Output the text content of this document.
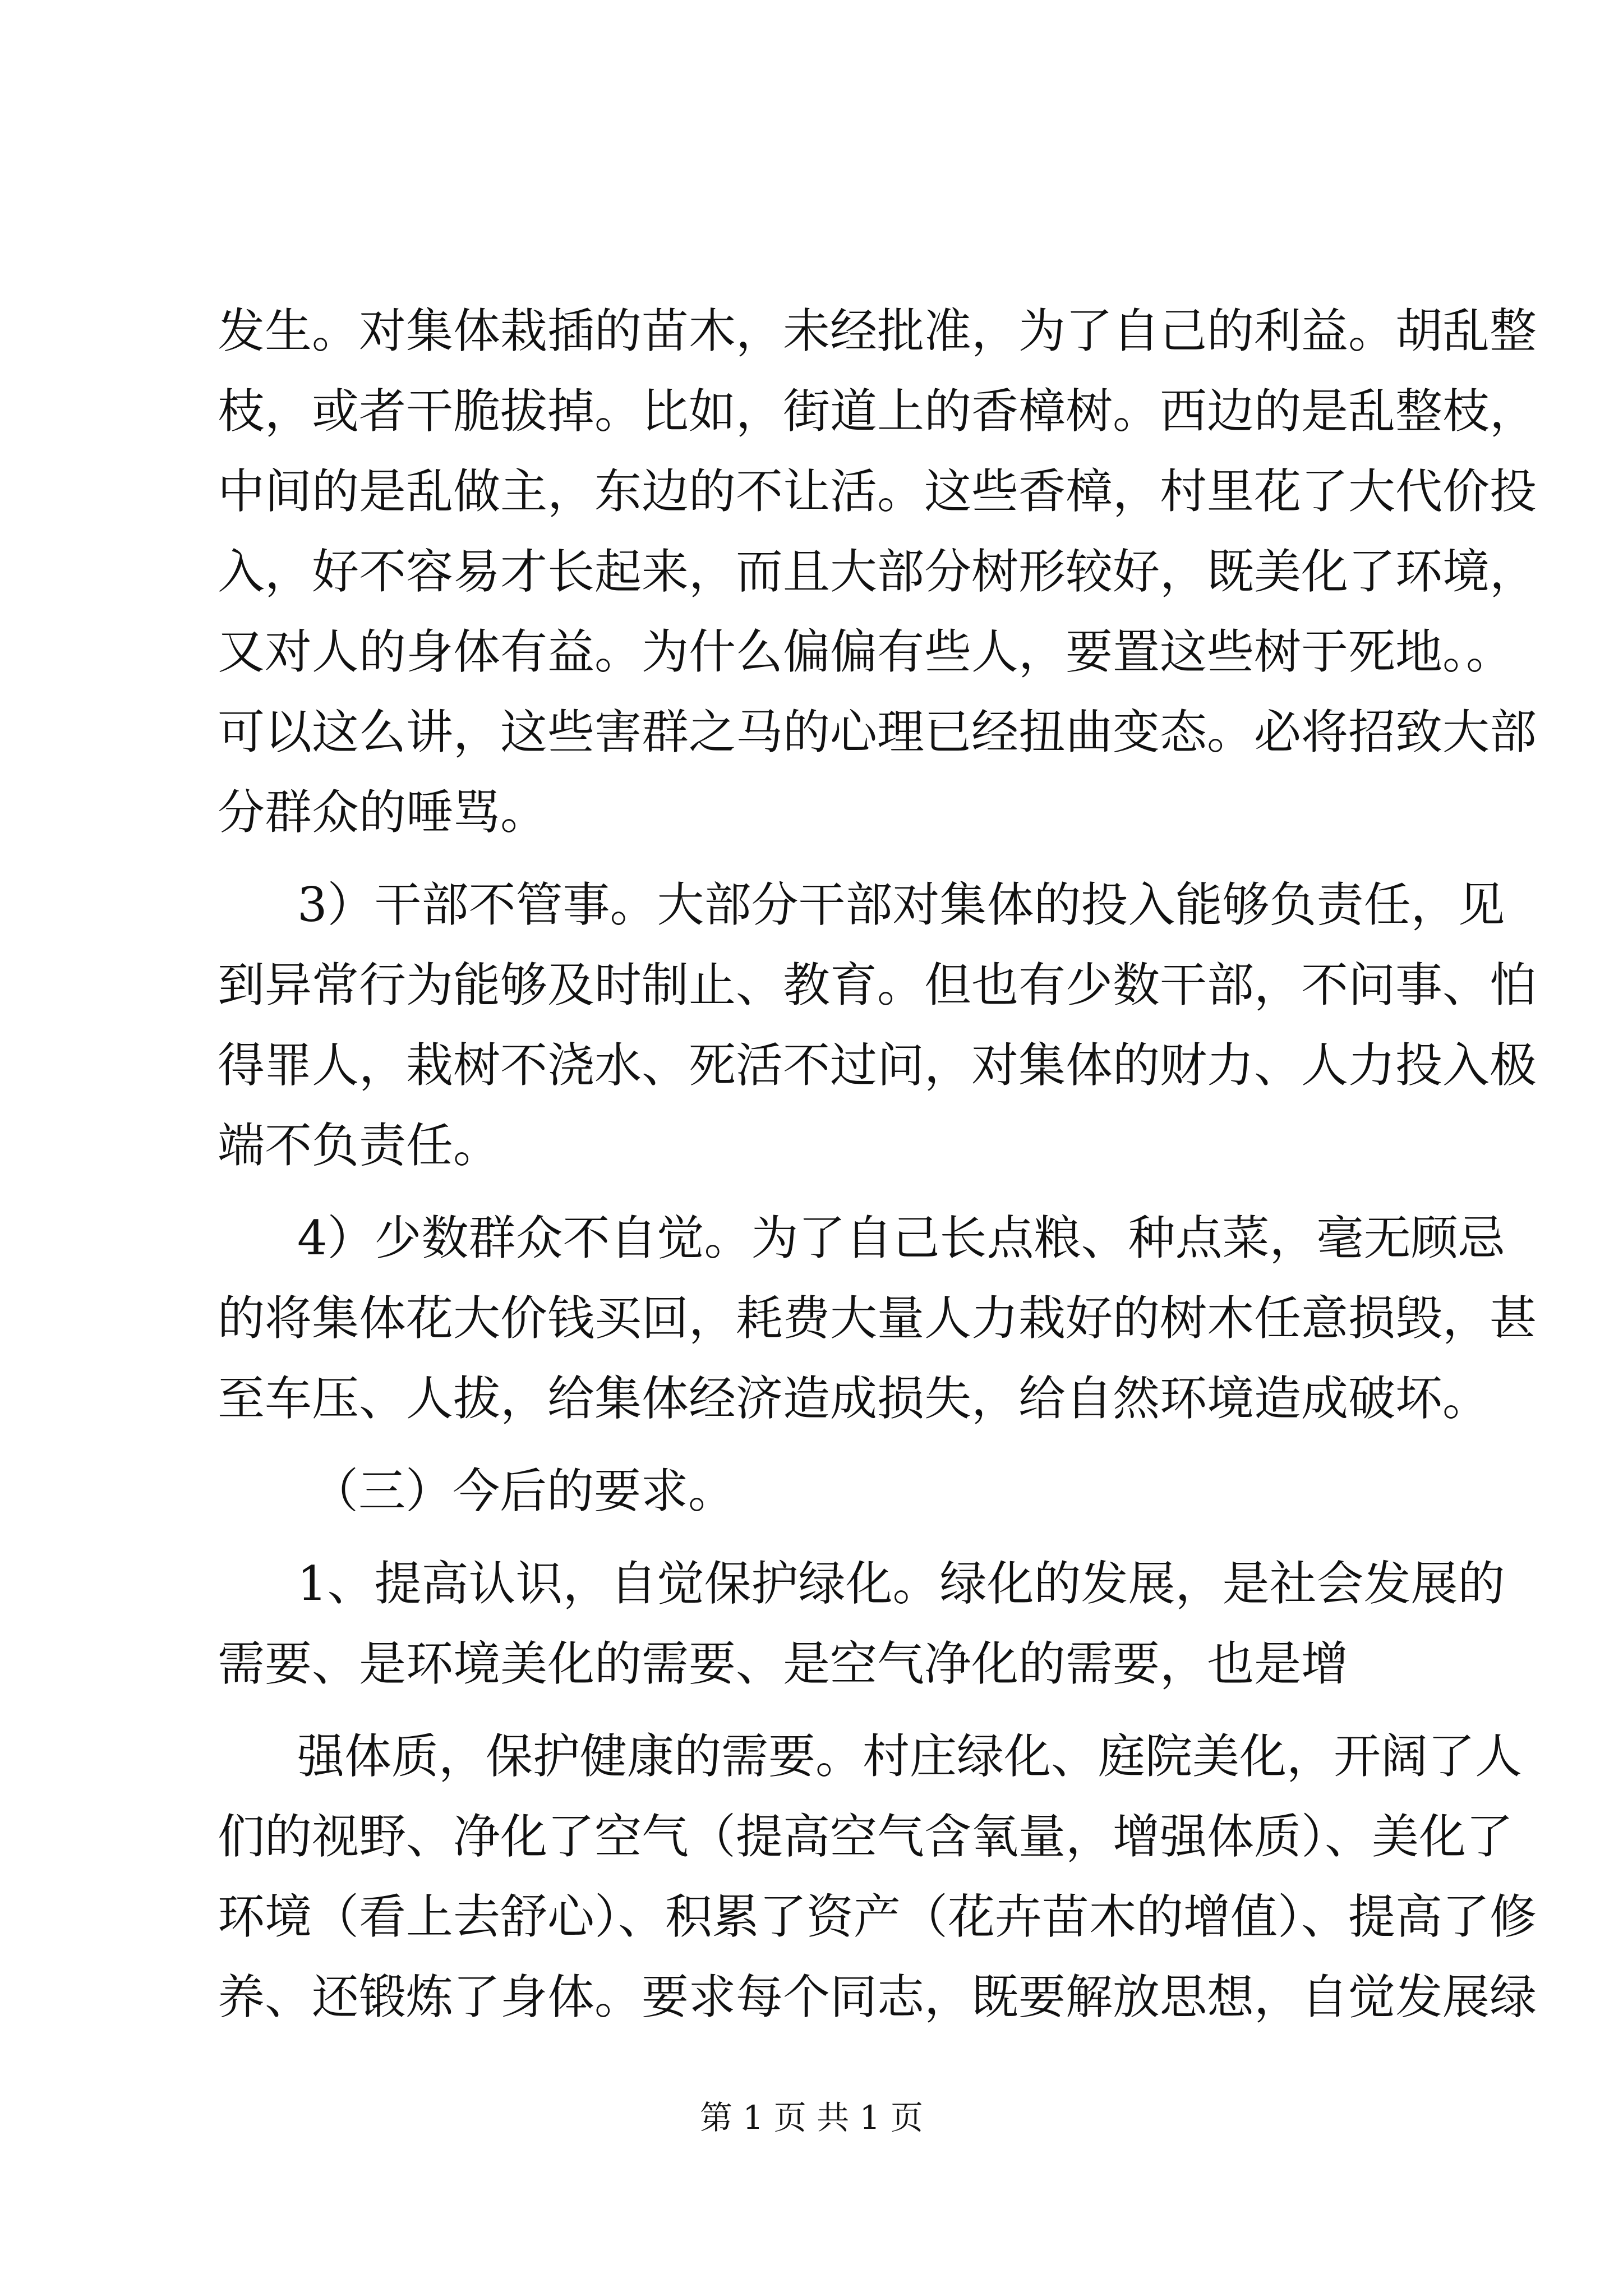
发生。对集体栽插的苗木，未经批准，为了自己的利益。胡乱整
枝，或者干脆拔掉。比如，街道上的香樟树。西边的是乱整枝，
中间的是乱做主，东边的不让活。这些香樟，村里花了大代价投
入，好不容易才长起来，而且大部分树形较好，既美化了环境，
又对人的身体有益。为什么偏偏有些人，要置这些树于死地。。
可以这么讲，这些害群之马的心理已经扭曲变态。必将招致大部
分群众的唾骂。
3）干部不管事。大部分干部对集体的投入能够负责任，见
到异常行为能够及时制止、教育。但也有少数干部，不问事、怕
得罪人，栽树不浇水、死活不过问，对集体的财力、人力投入极
端不负责任。
4）少数群众不自觉。为了自己长点粮、种点菜，毫无顾忌
的将集体花大价钱买回，耗费大量人力栽好的树木任意损毁，甚
至车压、人拔，给集体经济造成损失，给自然环境造成破坏。
（三）今后的要求。
1、提高认识，自觉保护绿化。绿化的发展，是社会发展的
需要、是环境美化的需要、是空气净化的需要，也是增
强体质，保护健康的需要。村庄绿化、庭院美化，开阔了人
们的视野、净化了空气（提高空气含氧量，增强体质）、美化了
环境（看上去舒心）、积累了资产（花卉苗木的增值）、提高了修
养、还锻炼了身体。要求每个同志，既要解放思想，自觉发展绿
第 1 页 共 1 页
